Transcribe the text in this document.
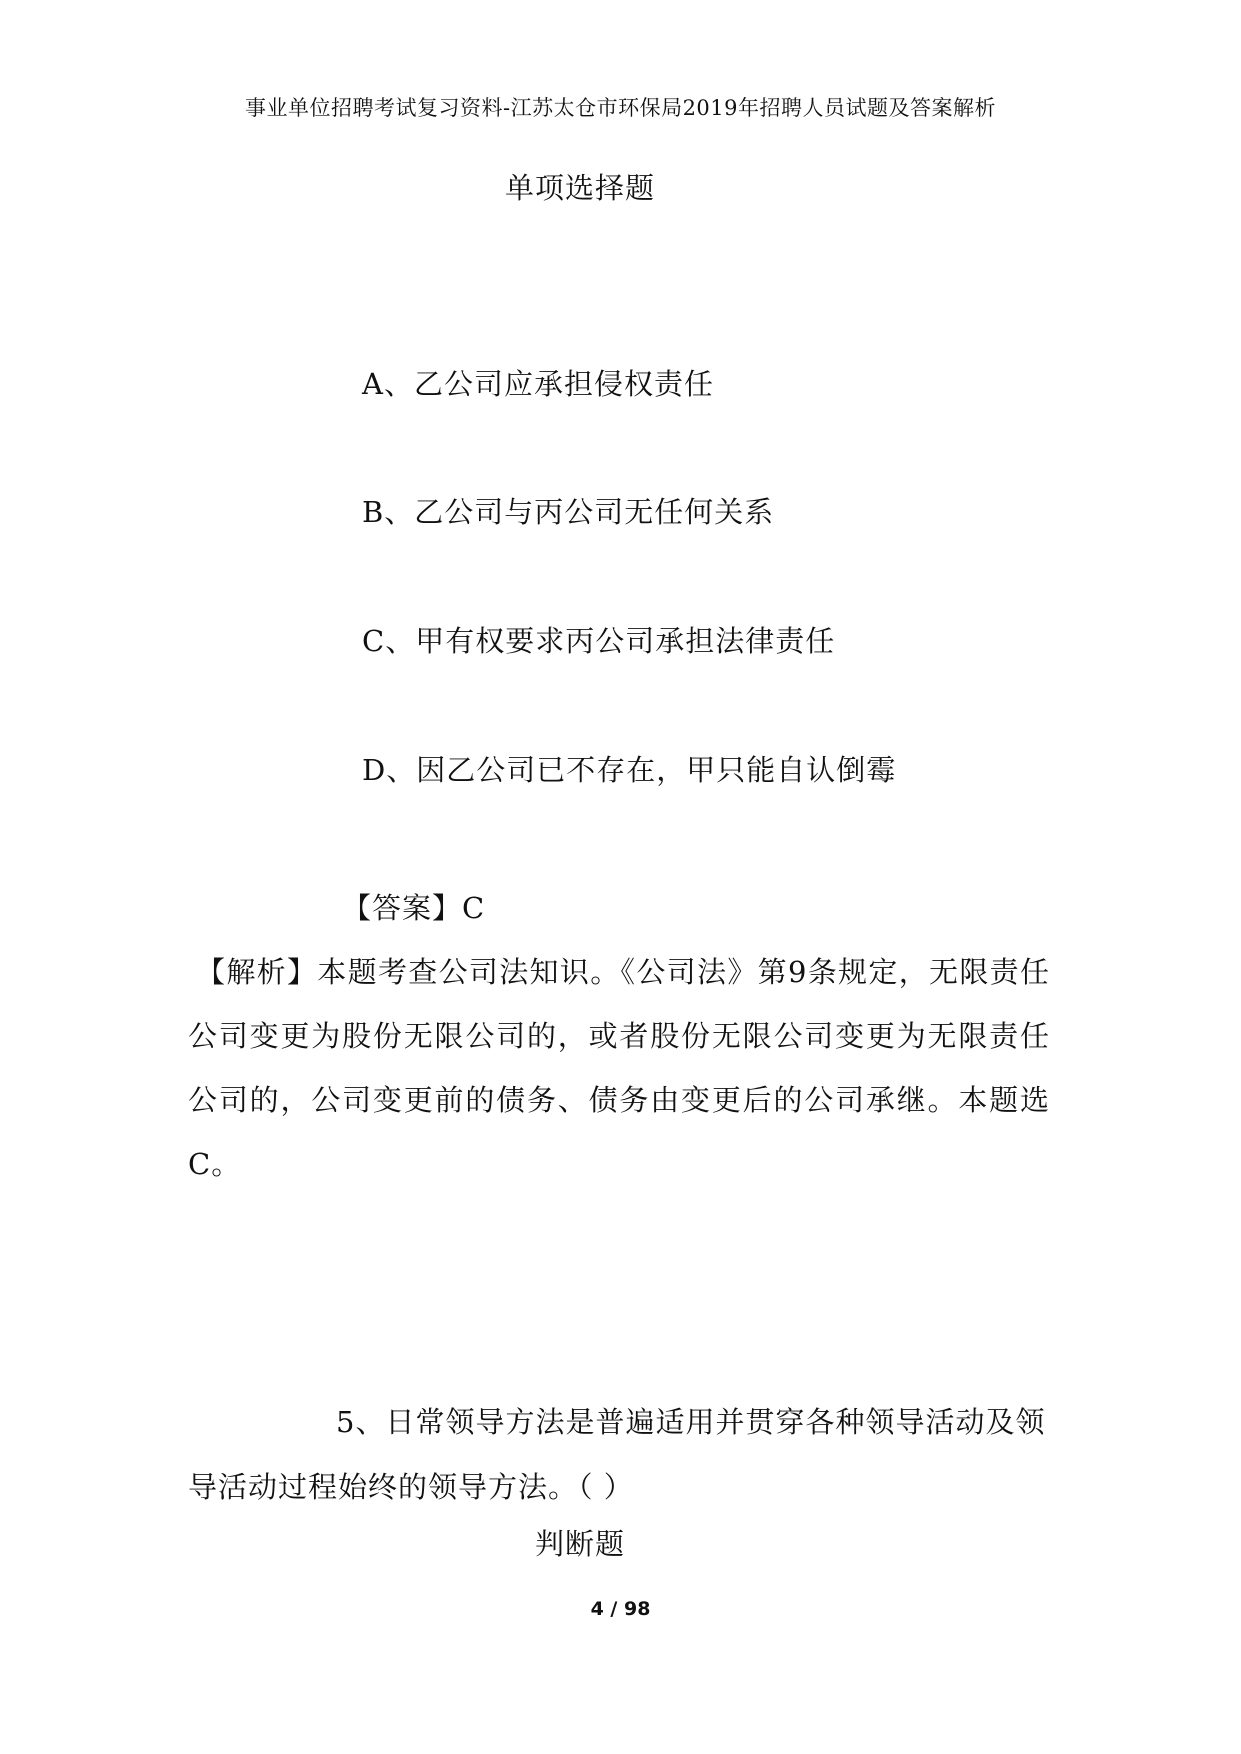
事业单位招聘考试复习资料-江苏太仓市环保局2019年招聘人员试题及答案解析
单项选择题
A、乙公司应承担侵权责任
B、乙公司与丙公司无任何关系
C、甲有权要求丙公司承担法律责任
D、因乙公司已不存在，甲只能自认倒霉
【答案】C
【解析】本题考查公司法知识。《公司法》第9条规定，无限责任公司变更为股份无限公司的，或者股份无限公司变更为无限责任公司的，公司变更前的债务、债务由变更后的公司承继。本题选C。
5、日常领导方法是普遍适用并贯穿各种领导活动及领导活动过程始终的领导方法。（ ）
判断题
4 / 98
